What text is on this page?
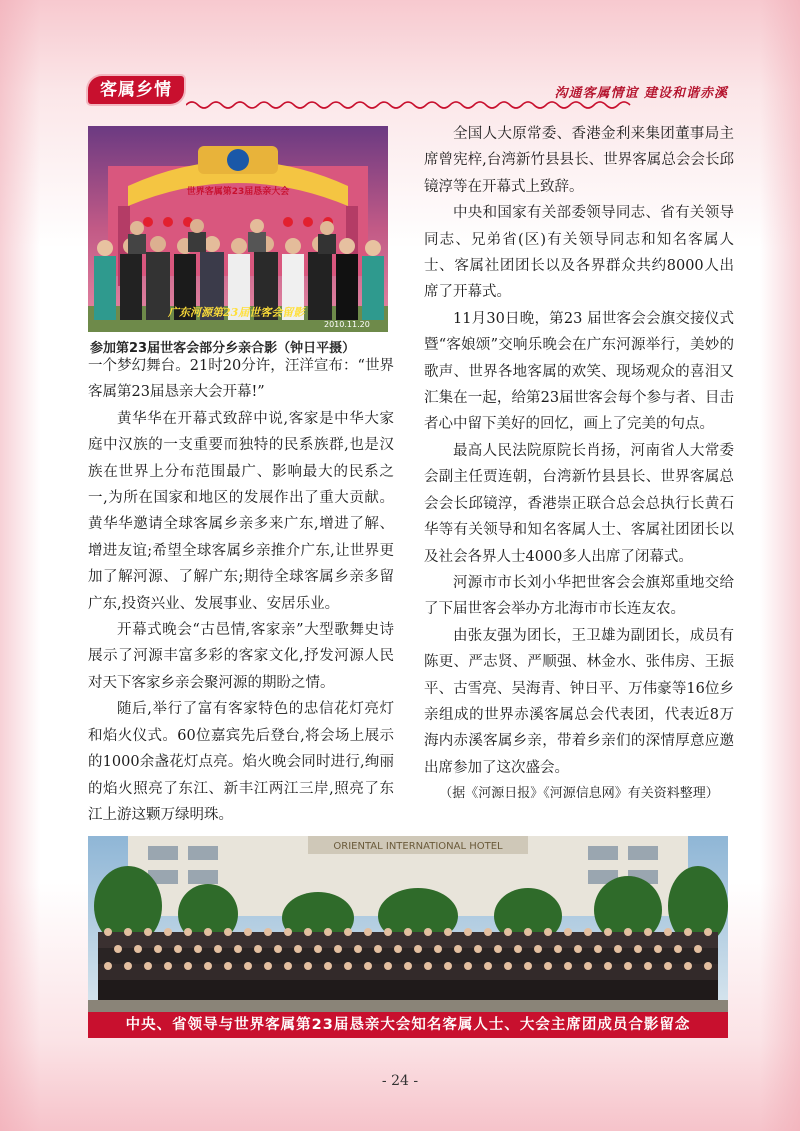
客属乡情	沟通客属情谊 建设和谐赤溪
世界客属第23届恳亲大会
广东河源第23届世客会留影
2010.11.20
参加第23届世客会部分乡亲合影（钟日平摄）

一个梦幻舞台。21时20分许，汪洋宣布：“世界客属第23届恳亲大会开幕!”

黄华华在开幕式致辞中说,客家是中华大家庭中汉族的一支重要而独特的民系族群,也是汉族在世界上分布范围最广、影响最大的民系之一,为所在国家和地区的发展作出了重大贡献。黄华华邀请全球客属乡亲多来广东,增进了解、增进友谊;希望全球客属乡亲推介广东,让世界更加了解河源、了解广东;期待全球客属乡亲多留广东,投资兴业、发展事业、安居乐业。

开幕式晚会“古邑情,客家亲”大型歌舞史诗展示了河源丰富多彩的客家文化,抒发河源人民对天下客家乡亲会聚河源的期盼之情。

随后,举行了富有客家特色的忠信花灯亮灯和焰火仪式。60位嘉宾先后登台,将会场上展示的1000余盏花灯点亮。焰火晚会同时进行,绚丽的焰火照亮了东江、新丰江两江三岸,照亮了东江上游这颗万绿明珠。

全国人大原常委、香港金利来集团董事局主席曾宪梓,台湾新竹县县长、世界客属总会会长邱镜淳等在开幕式上致辞。

中央和国家有关部委领导同志、省有关领导同志、兄弟省(区)有关领导同志和知名客属人士、客属社团团长以及各界群众共约8000人出席了开幕式。

11月30日晚，第23 届世客会会旗交接仪式暨“客娘颂”交响乐晚会在广东河源举行，美妙的歌声、世界各地客属的欢笑、现场观众的喜泪又汇集在一起，给第23届世客会每个参与者、目击者心中留下美好的回忆，画上了完美的句点。

最高人民法院原院长肖扬，河南省人大常委会副主任贾连朝，台湾新竹县县长、世界客属总会会长邱镜淳，香港崇正联合总会总执行长黄石华等有关领导和知名客属人士、客属社团团长以及社会各界人士4000多人出席了闭幕式。

河源市市长刘小华把世客会会旗郑重地交给了下届世客会举办方北海市市长连友农。

由张友强为团长，王卫雄为副团长，成员有陈更、严志贤、严顺强、林金水、张伟房、王振平、古雪亮、吴海青、钟日平、万伟豪等16位乡亲组成的世界赤溪客属总会代表团，代表近8万海内赤溪客属乡亲，带着乡亲们的深情厚意应邀出席参加了这次盛会。

（据《河源日报》《河源信息网》有关资料整理）

ORIENTAL INTERNATIONAL HOTEL
中央、省领导与世界客属第23届恳亲大会知名客属人士、大会主席团成员合影留念
- 24 -
